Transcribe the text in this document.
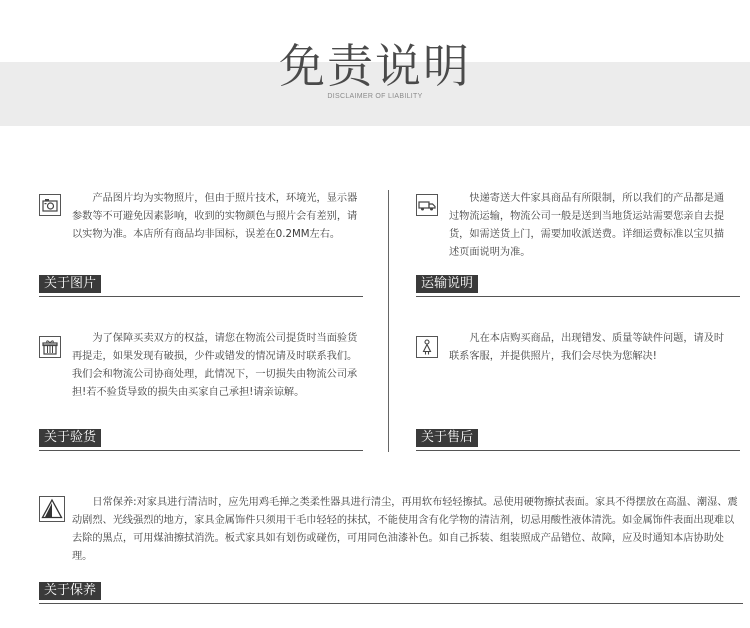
免责说明
DISCLAIMER OF LIABILITY

产品图片均为实物照片，但由于照片技术，环境光，显示器参数等不可避免因素影响，收到的实物颜色与照片会有差别，请以实物为准。本店所有商品均非国标，误差在0.2MM左右。

关于图片

快递寄送大件家具商品有所限制，所以我们的产品都是通过物流运输，物流公司一般是送到当地货运站需要您亲自去提货，如需送货上门，需要加收派送费。详细运费标准以宝贝描述页面说明为准。

运输说明

为了保障买卖双方的权益，请您在物流公司提货时当面验货再提走，如果发现有破损，少件或错发的情况请及时联系我们。我们会和物流公司协商处理，此情况下，一切损失由物流公司承担!若不验货导致的损失由买家自己承担!请亲谅解。

关于验货

凡在本店购买商品，出现错发、质量等缺件问题，请及时联系客服，并提供照片，我们会尽快为您解决!

关于售后

日常保养:对家具进行清洁时，应先用鸡毛掸之类柔性器具进行清尘，再用软布轻轻擦拭。忌使用硬物擦拭表面。家具不得摆放在高温、潮湿、震动剧烈、光线强烈的地方，家具金属饰件只须用干毛巾轻轻的抹拭，不能使用含有化学物的清洁剂，切忌用酸性液体清洗。如金属饰件表面出现难以去除的黑点，可用煤油擦拭消洗。板式家具如有划伤或碰伤，可用同色油漆补色。如自己拆装、组装照成产品错位、故障，应及时通知本店协助处理。

关于保养
